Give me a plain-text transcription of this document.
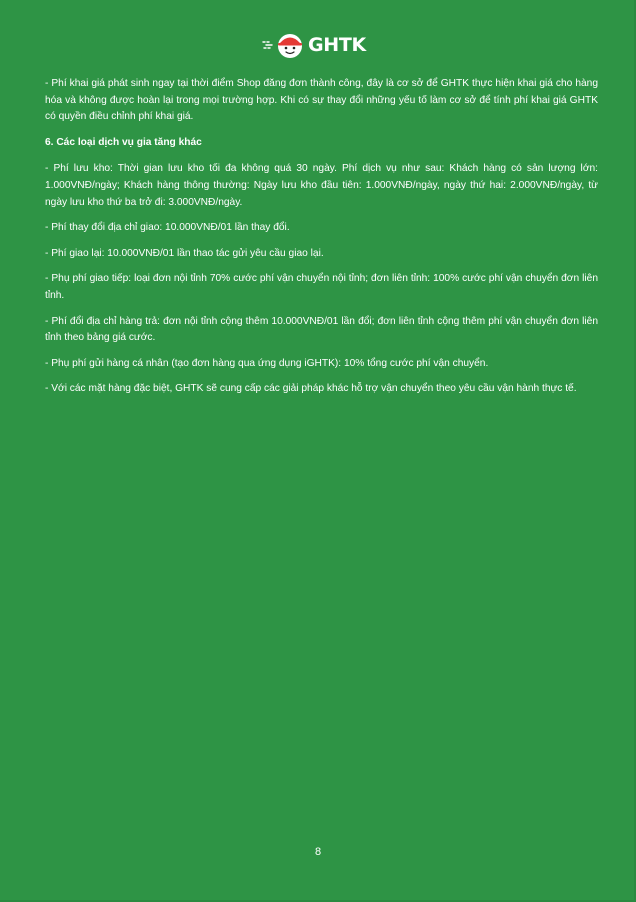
GHTK

- Phí khai giá phát sinh ngay tại thời điểm Shop đăng đơn thành công, đây là cơ sở để GHTK thực hiện khai giá cho hàng hóa và không được hoàn lại trong mọi trường hợp. Khi có sự thay đổi những yếu tố làm cơ sở để tính phí khai giá GHTK có quyền điều chỉnh phí khai giá.

6. Các loại dịch vụ gia tăng khác

- Phí lưu kho: Thời gian lưu kho tối đa không quá 30 ngày. Phí dịch vụ như sau: Khách hàng có sản lượng lớn: 1.000VNĐ/ngày; Khách hàng thông thường: Ngày lưu kho đầu tiên: 1.000VNĐ/ngày, ngày thứ hai: 2.000VNĐ/ngày, từ ngày lưu kho thứ ba trở đi: 3.000VNĐ/ngày.

- Phí thay đổi địa chỉ giao: 10.000VNĐ/01 lần thay đổi.

- Phí giao lại: 10.000VNĐ/01 lần thao tác gửi yêu cầu giao lại.

- Phụ phí giao tiếp: loại đơn nội tỉnh 70% cước phí vận chuyển nội tỉnh; đơn liên tỉnh: 100% cước phí vận chuyển đơn liên tỉnh.

- Phí đổi địa chỉ hàng trả: đơn nội tỉnh cộng thêm 10.000VNĐ/01 lần đổi; đơn liên tỉnh cộng thêm phí vận chuyển đơn liên tỉnh theo bảng giá cước.

- Phụ phí gửi hàng cá nhân (tạo đơn hàng qua ứng dụng iGHTK): 10% tổng cước phí vận chuyển.

- Với các mặt hàng đặc biệt, GHTK sẽ cung cấp các giải pháp khác hỗ trợ vận chuyển theo yêu cầu vận hành thực tế.

8
